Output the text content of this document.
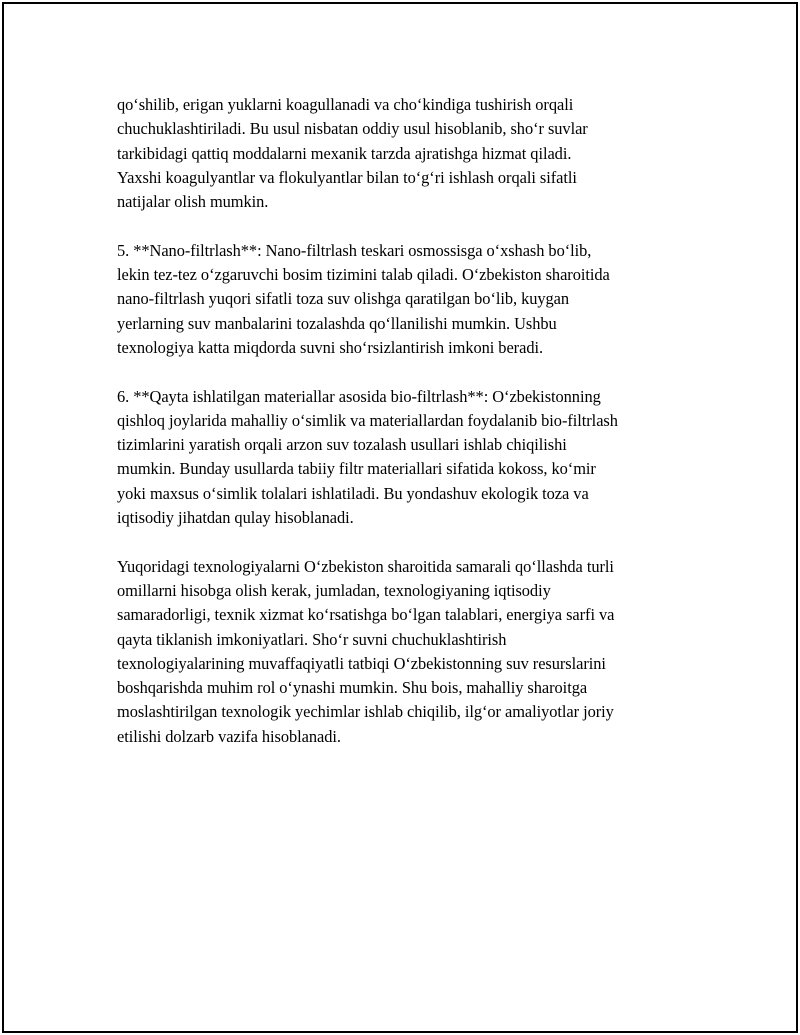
qo‘shilib, erigan yuklarni koagullanadi va cho‘kindiga tushirish orqali
chuchuklashtiriladi. Bu usul nisbatan oddiy usul hisoblanib, sho‘r suvlar
tarkibidagi qattiq moddalarni mexanik tarzda ajratishga hizmat qiladi.
Yaxshi koagulyantlar va flokulyantlar bilan to‘g‘ri ishlash orqali sifatli
natijalar olish mumkin.

5. **Nano-filtrlash**: Nano-filtrlash teskari osmossisga o‘xshash bo‘lib,
lekin tez-tez o‘zgaruvchi bosim tizimini talab qiladi. O‘zbekiston sharoitida
nano-filtrlash yuqori sifatli toza suv olishga qaratilgan bo‘lib, kuygan
yerlarning suv manbalarini tozalashda qo‘llanilishi mumkin. Ushbu
texnologiya katta miqdorda suvni sho‘rsizlantirish imkoni beradi.

6. **Qayta ishlatilgan materiallar asosida bio-filtrlash**: O‘zbekistonning
qishloq joylarida mahalliy o‘simlik va materiallardan foydalanib bio-filtrlash
tizimlarini yaratish orqali arzon suv tozalash usullari ishlab chiqilishi
mumkin. Bunday usullarda tabiiy filtr materiallari sifatida kokoss, ko‘mir
yoki maxsus o‘simlik tolalari ishlatiladi. Bu yondashuv ekologik toza va
iqtisodiy jihatdan qulay hisoblanadi.

Yuqoridagi texnologiyalarni O‘zbekiston sharoitida samarali qo‘llashda turli
omillarni hisobga olish kerak, jumladan, texnologiyaning iqtisodiy
samaradorligi, texnik xizmat ko‘rsatishga bo‘lgan talablari, energiya sarfi va
qayta tiklanish imkoniyatlari. Sho‘r suvni chuchuklashtirish
texnologiyalarining muvaffaqiyatli tatbiqi O‘zbekistonning suv resurslarini
boshqarishda muhim rol o‘ynashi mumkin. Shu bois, mahalliy sharoitga
moslashtirilgan texnologik yechimlar ishlab chiqilib, ilg‘or amaliyotlar joriy
etilishi dolzarb vazifa hisoblanadi.
